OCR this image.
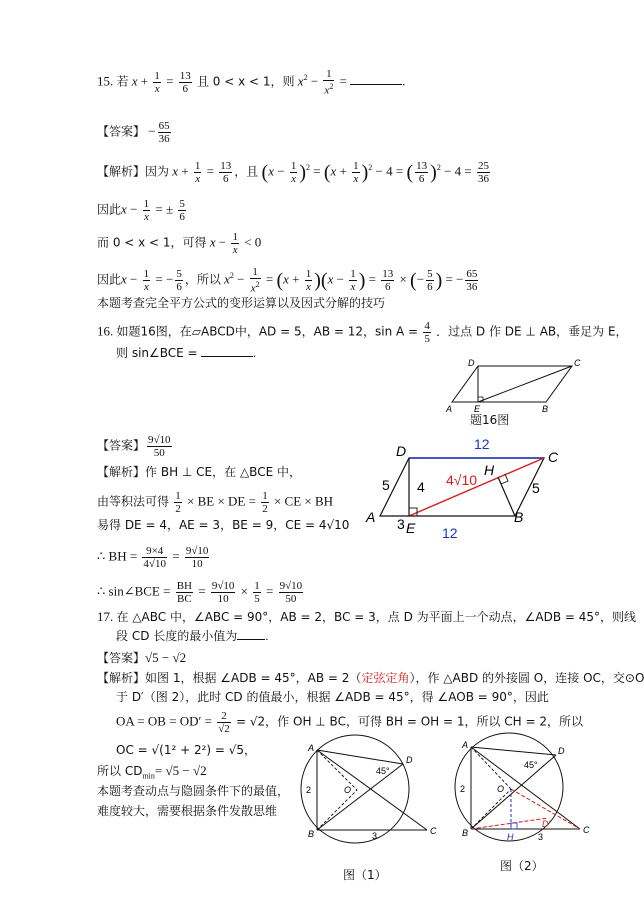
15. 若 $x + \frac{1}{x} = \frac{13}{6}$ 且 0 < x < 1，则 $x^2 - \frac{1}{x^2}$ =	.
【答案】 − $\frac{65}{36}$
【解析】因为 $x + \frac{1}{x} = \frac{13}{6}$ ，且 $(x - \frac{1}{x} )^2 = (x + \frac{1}{x} )^2 - 4$ = ( $\frac{13}{6} )^2 - 4 = \frac{25}{36}$
因此$x - \frac{1}{x}$ = ± $\frac{5}{6}$
而 0 < x < 1，可得 $x - \frac{1}{x} < 0$
因此$x - \frac{1}{x}$ = − $\frac{5}{6}$ ，所以 $x^2 - \frac{1}{x^2} = (x + \frac{1}{x} )(x - \frac{1}{x}$ ) = $\frac{13}{6}$ × (− $\frac{5}{6}$ ) = − $\frac{65}{36}$
本题考查完全平方公式的变形运算以及因式分解的技巧
16. 如题16图，在▱ABCD中，AD = 5，AB = 12，$\sin A = \frac{4}{5}$ ．过点 D 作 DE ⊥ AB，垂足为 E，
则 sin∠BCE =	.
D	C
A E	B
题16图
【答案】 $\frac{9√10}{50}$
【解析】作 BH ⊥ CE，在 △BCE 中，
由等积法可得 $\frac{1}{2}$ × BE × DE = $\frac{1}{2}$ × CE × BH
易得 DE = 4，AE = 3，BE = 9，CE = 4√10
∴ BH = $\frac{9\times 4}{4√10} = \frac{9√10}{10}$
∴ sin∠BCE = $\frac{BH}{BC} = \frac{9√10}{10} \times \frac{1}{5} = \frac{9√10}{50}$
D	C
A
E
B
H
12
12
5	5
4
3
4√10
17. 在 △ABC 中，∠ABC = 90°，AB = 2，BC = 3，点 D 为平面上一个动点，∠ADB = 45°，则线
段 CD 长度的最小值为 .
【答案】√5 − √2
【解析】如图 1，根据 ∠ADB = 45°，AB = 2（定弦定角），作 △ABD 的外接圆 O，连接 OC，交⊙O
于 D′（图 2），此时 CD 的值最小，根据 ∠ADB = 45°，得 ∠AOB = 90°，因此
OA = OB = $OD' = \frac{2}{√2} = √2$，作 OH ⊥ BC，可得 BH = OH = 1，所以 CH = 2，所以
OC = √(1² + 2²) = √5，
所以 $CD_{min}= √5 - √2$
本题考查动点与隐圆条件下的最值，
难度较大，需要根据条件发散思维
A
D
O
B	C
45°
2
3
图（1）
A
D
O
B	C
H
D′
45°
2
3
图（2）
